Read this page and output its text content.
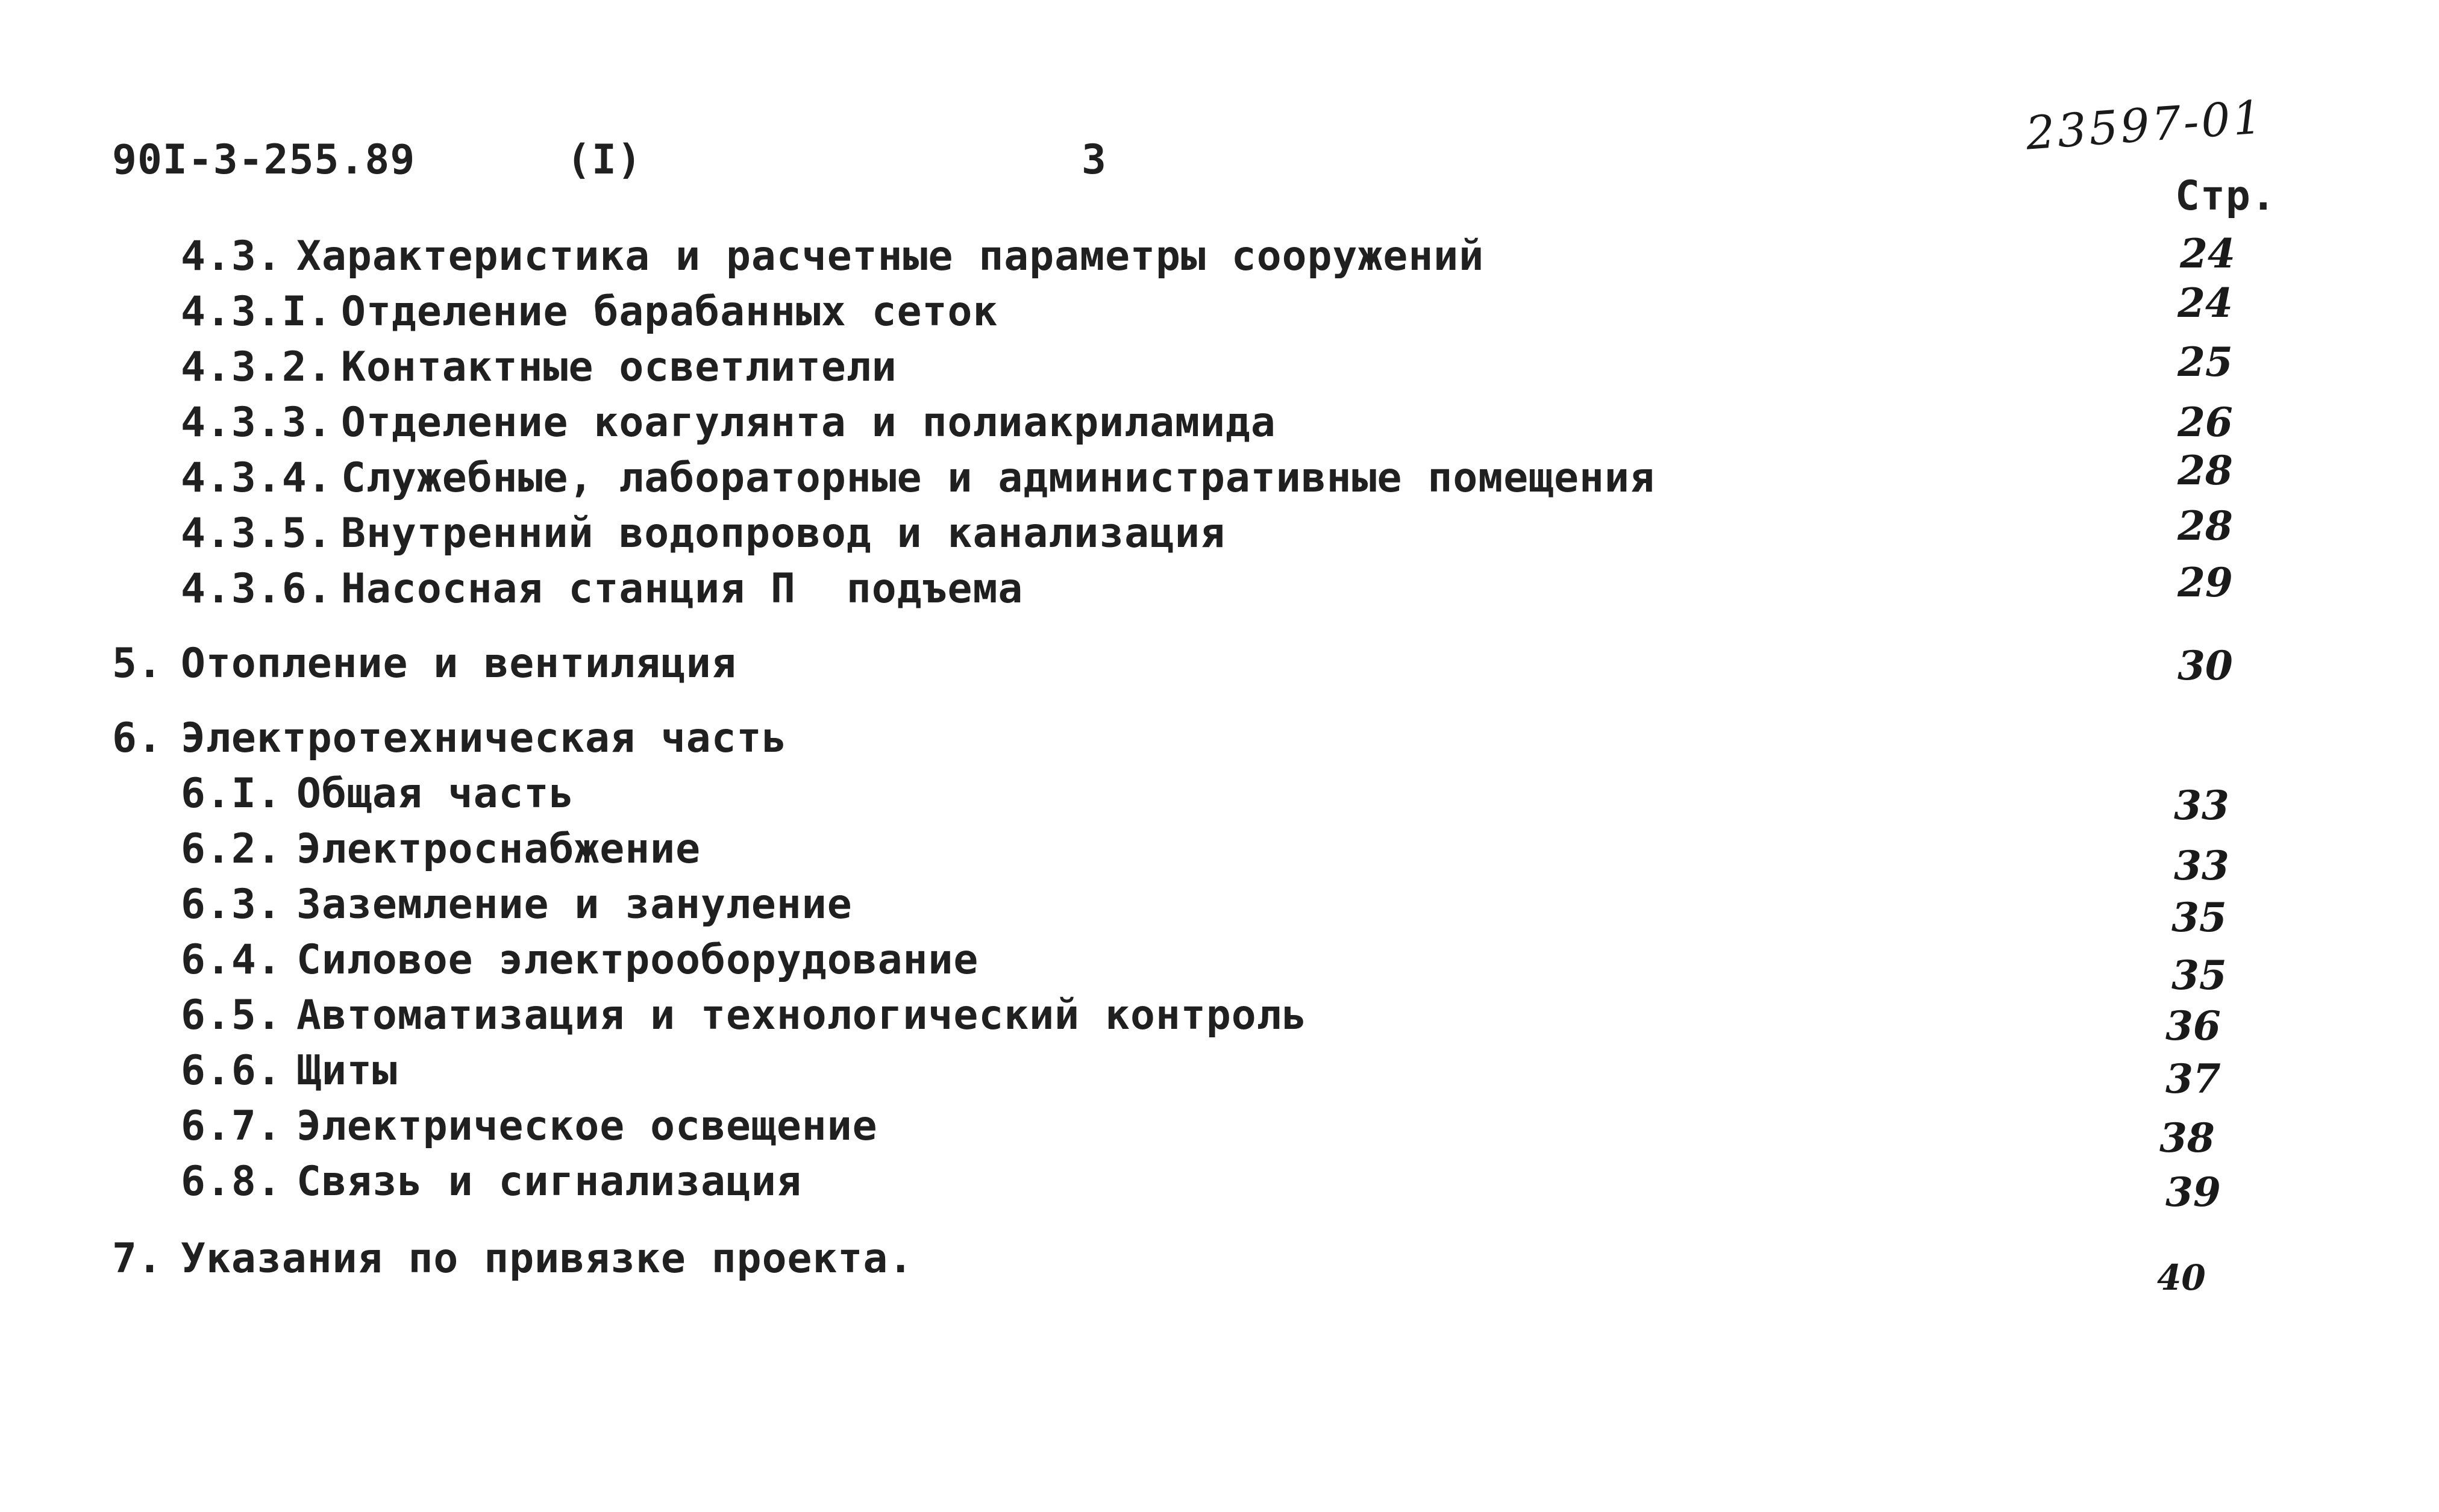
90I-3-255.89	(I)	3	23597-01
Стр.
4.3. Характеристика и расчетные параметры сооружений	24
4.3.I. Отделение барабанных сеток	24
4.3.2. Контактные осветлители	25
4.3.3. Отделение коагулянта и полиакриламида	26
4.3.4. Служебные, лабораторные и административные помещения	28
4.3.5. Внутренний водопровод и канализация	28
4.3.6. Насосная станция П  подъема	29
5. Отопление и вентиляция	30
6. Электротехническая часть
6.I. Общая часть	33
6.2. Электроснабжение	33
6.3. Заземление и зануление	35
6.4. Силовое электрооборудование	35
6.5. Автоматизация и технологический контроль	36
6.6. Щиты	37
6.7. Электрическое освещение	38
6.8. Связь и сигнализация	39
7. Указания по привязке проекта.	40
